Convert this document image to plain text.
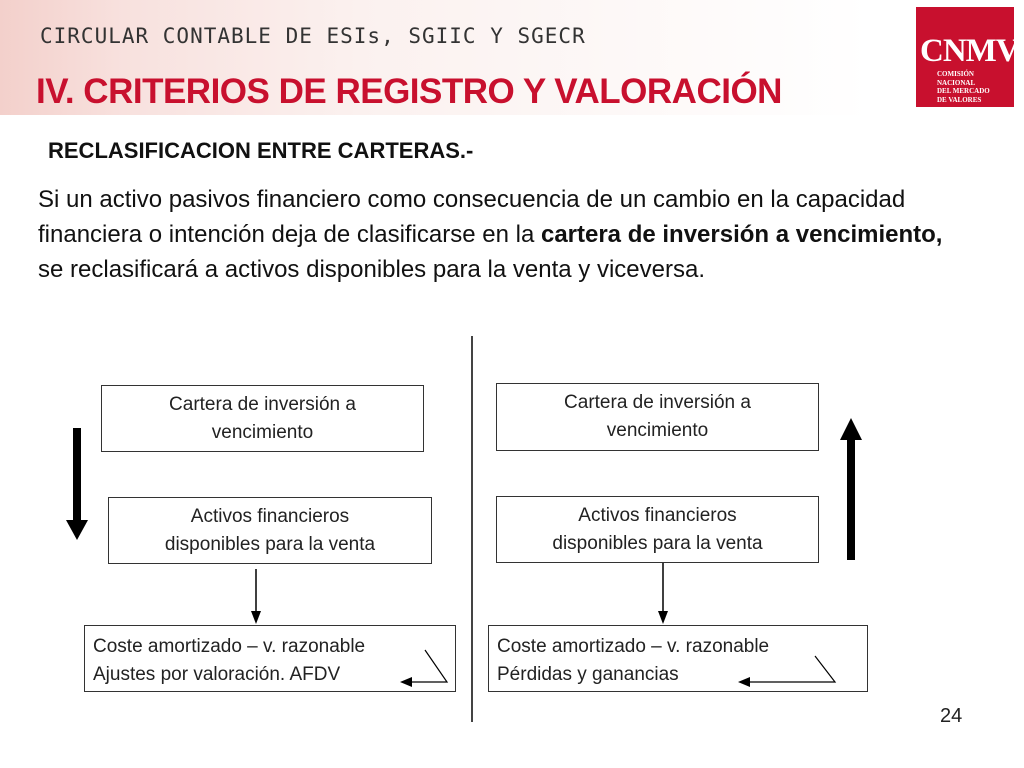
CIRCULAR CONTABLE DE ESIs, SGIIC Y SGECR
IV. CRITERIOS DE REGISTRO Y VALORACIÓN
CNMV
COMISIÓN
NACIONAL
DEL MERCADO
DE VALORES
RECLASIFICACION ENTRE CARTERAS.-
Si un activo pasivos financiero como consecuencia de un cambio en la capacidad financiera o intención deja de clasificarse en la cartera de inversión a vencimiento, se reclasificará a activos disponibles para la venta y viceversa.
Cartera de inversión a
vencimiento
Activos financieros
disponibles para la venta
Coste amortizado – v. razonable
Ajustes por valoración. AFDV
Cartera de inversión a
vencimiento
Activos financieros
disponibles para la venta
Coste amortizado – v. razonable
Pérdidas y ganancias
24
